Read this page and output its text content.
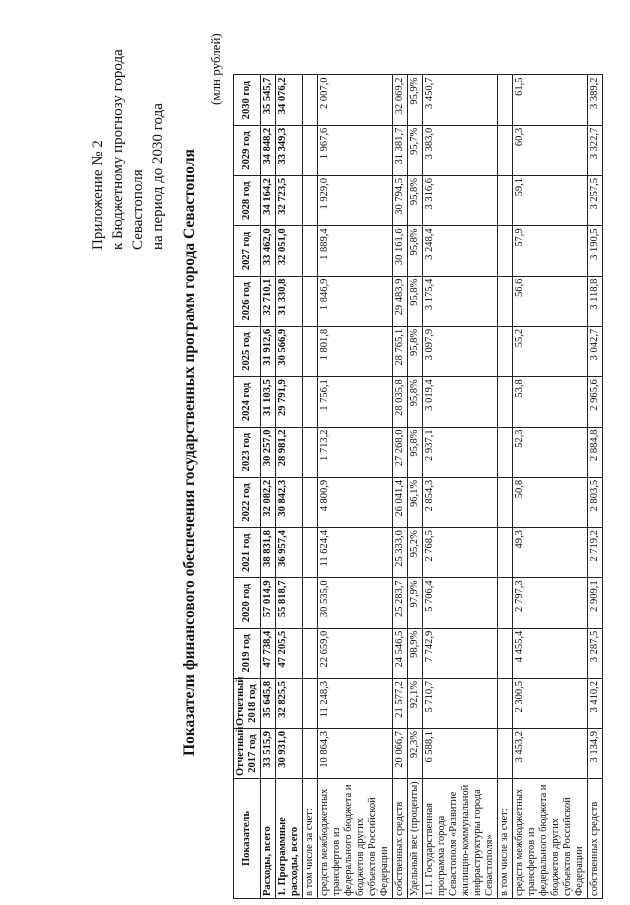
Приложение № 2 к Бюджетному прогнозу города Севастополя на период до 2030 года Показатели финансового обеспечения государственных программ города Севастополя
(млн рублей)
Показатель	Отчетный 2017 год	Отчетный 2018 год	2019 год	2020 год	2021 год	2022 год	2023 год	2024 год	2025 год	2026 год	2027 год	2028 год	2029 год	2030 год
Расходы, всего	33 515,9	35 645,8	47 738,4	57 014,9	38 831,8	32 082,2	30 257,0	31 103,5	31 912,6	32 710,1	33 462,0	34 164,2	34 848,2	35 545,7
1. Программные расходы, всего	30 931,0	32 825,5	47 205,5	55 818,7	36 957,4	30 842,3	28 981,2	29 791,9	30 566,9	31 330,8	32 051,0	32 723,5	33 349,3	34 076,2
в том числе за счет:														
средств межбюджетных трансфертов из федерального бюджета и бюджетов других субъектов Российской Федерации	10 864,3	11 248,3	22 659,0	30 535,0	11 624,4	4 800,9	1 713,2	1 756,1	1 801,8	1 846,9	1 889,4	1 929,0	1 967,6	2 007,0
собственных средств	20 066,7	21 577,2	24 546,5	25 283,7	25 333,0	26 041,4	27 268,0	28 035,8	28 765,1	29 483,9	30 161,6	30 794,5	31 381,7	32 069,2
Удельный вес (проценты)	92,3%	92,1%	98,9%	97,9%	95,2%	96,1%	95,8%	95,8%	95,8%	95,8%	95,8%	95,8%	95,7%	95,9%
1.1. Государственная программа города Севастополя «Развитие жилищно-коммунальной инфраструктуры города Севастополя»	6 588,1	5 710,7	7 742,9	5 706,4	2 768,5	2 854,3	2 937,1	3 019,4	3 097,9	3 175,4	3 248,4	3 316,6	3 383,0	3 450,7
в том числе за счет:														
средств межбюджетных трансфертов из федерального бюджета и бюджетов других субъектов Российской Федерации	3 453,2	2 300,5	4 455,4	2 797,3	49,3	50,8	52,3	53,8	55,2	56,6	57,9	59,1	60,3	61,5
собственных средств	3 134,9	3 410,2	3 287,5	2 909,1	2 719,2	2 803,5	2 884,8	2 965,6	3 042,7	3 118,8	3 190,5	3 257,5	3 322,7	3 389,2
